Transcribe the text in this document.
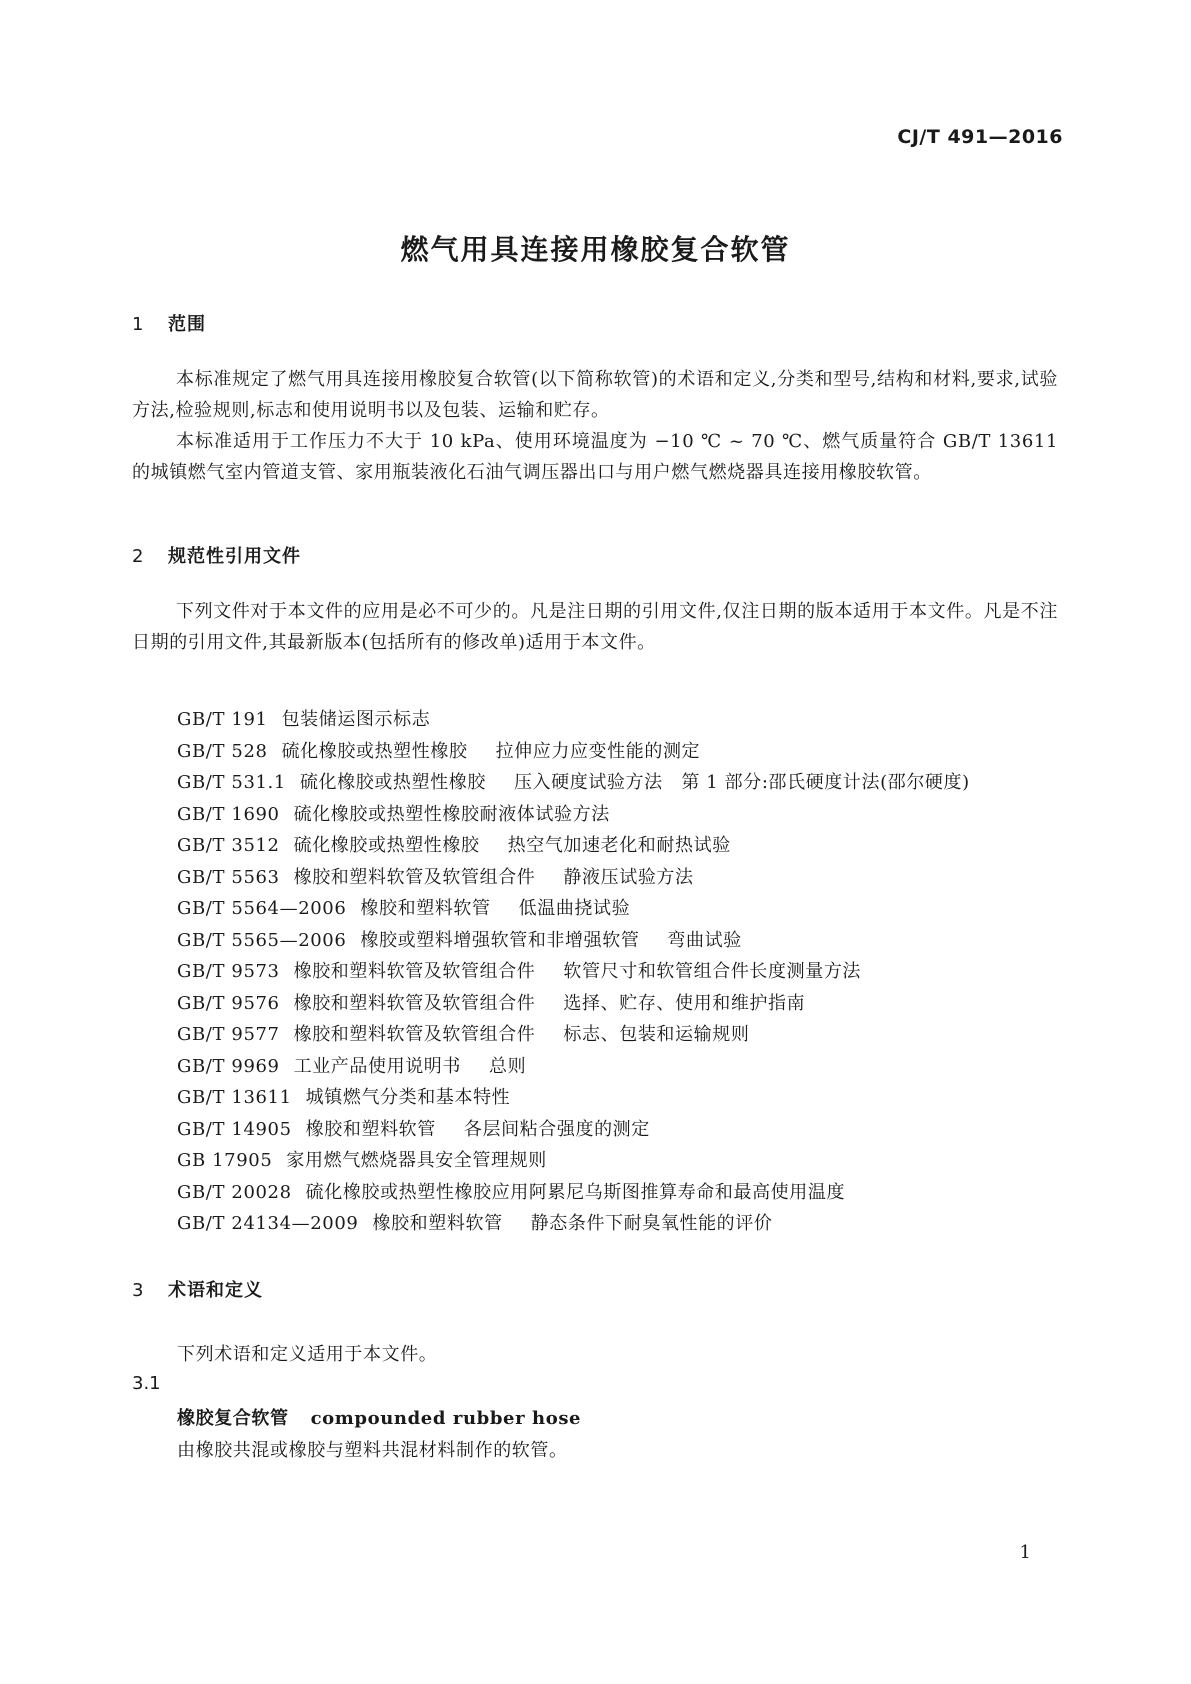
CJ/T 491—2016
燃气用具连接用橡胶复合软管
1 范围
本标准规定了燃气用具连接用橡胶复合软管(以下简称软管)的术语和定义,分类和型号,结构和材料,要求,试验方法,检验规则,标志和使用说明书以及包装、运输和贮存。
本标准适用于工作压力不大于 10 kPa、使用环境温度为 −10 ℃ ~ 70 ℃、燃气质量符合 GB/T 13611的城镇燃气室内管道支管、家用瓶装液化石油气调压器出口与用户燃气燃烧器具连接用橡胶软管。
2 规范性引用文件
下列文件对于本文件的应用是必不可少的。凡是注日期的引用文件,仅注日期的版本适用于本文件。凡是不注日期的引用文件,其最新版本(包括所有的修改单)适用于本文件。
GB/T 191 包装储运图示标志
GB/T 528 硫化橡胶或热塑性橡胶 拉伸应力应变性能的测定
GB/T 531.1 硫化橡胶或热塑性橡胶 压入硬度试验方法　第 1 部分:邵氏硬度计法(邵尔硬度)
GB/T 1690 硫化橡胶或热塑性橡胶耐液体试验方法
GB/T 3512 硫化橡胶或热塑性橡胶 热空气加速老化和耐热试验
GB/T 5563 橡胶和塑料软管及软管组合件 静液压试验方法
GB/T 5564—2006 橡胶和塑料软管 低温曲挠试验
GB/T 5565—2006 橡胶或塑料增强软管和非增强软管 弯曲试验
GB/T 9573 橡胶和塑料软管及软管组合件 软管尺寸和软管组合件长度测量方法
GB/T 9576 橡胶和塑料软管及软管组合件 选择、贮存、使用和维护指南
GB/T 9577 橡胶和塑料软管及软管组合件 标志、包装和运输规则
GB/T 9969 工业产品使用说明书 总则
GB/T 13611 城镇燃气分类和基本特性
GB/T 14905 橡胶和塑料软管 各层间粘合强度的测定
GB 17905 家用燃气燃烧器具安全管理规则
GB/T 20028 硫化橡胶或热塑性橡胶应用阿累尼乌斯图推算寿命和最高使用温度
GB/T 24134—2009 橡胶和塑料软管 静态条件下耐臭氧性能的评价
3 术语和定义
下列术语和定义适用于本文件。
3.1
橡胶复合软管 compounded rubber hose
由橡胶共混或橡胶与塑料共混材料制作的软管。
1
